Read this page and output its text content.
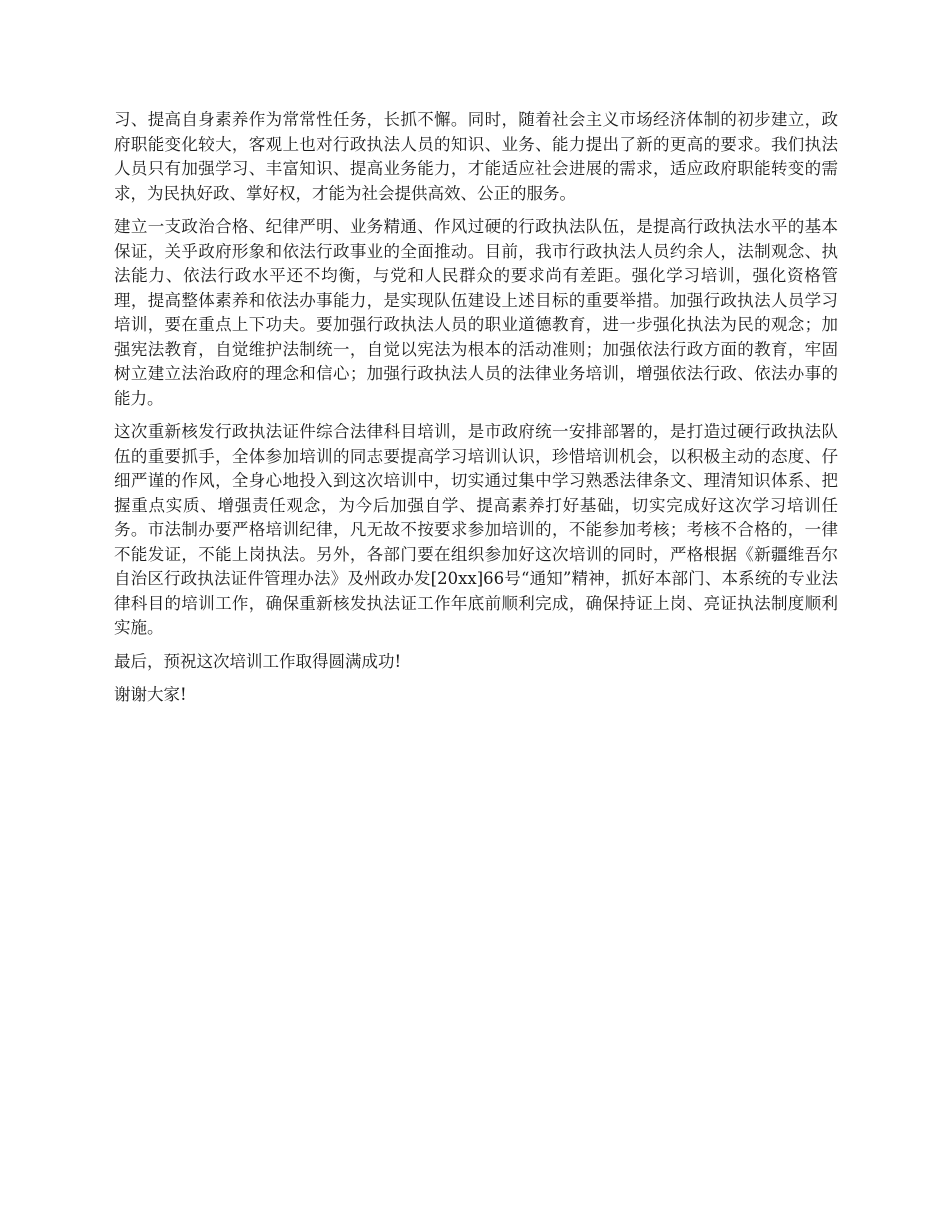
习、提高自身素养作为常常性任务，长抓不懈。同时，随着社会主义市场经济体制的初步建立，政府职能变化较大，客观上也对行政执法人员的知识、业务、能力提出了新的更高的要求。我们执法人员只有加强学习、丰富知识、提高业务能力，才能适应社会进展的需求，适应政府职能转变的需求，为民执好政、掌好权，才能为社会提供高效、公正的服务。

建立一支政治合格、纪律严明、业务精通、作风过硬的行政执法队伍，是提高行政执法水平的基本保证，关乎政府形象和依法行政事业的全面推动。目前，我市行政执法人员约余人，法制观念、执法能力、依法行政水平还不均衡，与党和人民群众的要求尚有差距。强化学习培训，强化资格管理，提高整体素养和依法办事能力，是实现队伍建设上述目标的重要举措。加强行政执法人员学习培训，要在重点上下功夫。要加强行政执法人员的职业道德教育，进一步强化执法为民的观念；加强宪法教育，自觉维护法制统一，自觉以宪法为根本的活动准则；加强依法行政方面的教育，牢固树立建立法治政府的理念和信心；加强行政执法人员的法律业务培训，增强依法行政、依法办事的能力。

这次重新核发行政执法证件综合法律科目培训，是市政府统一安排部署的，是打造过硬行政执法队伍的重要抓手，全体参加培训的同志要提高学习培训认识，珍惜培训机会，以积极主动的态度、仔细严谨的作风，全身心地投入到这次培训中，切实通过集中学习熟悉法律条文、理清知识体系、把握重点实质、增强责任观念，为今后加强自学、提高素养打好基础，切实完成好这次学习培训任务。市法制办要严格培训纪律，凡无故不按要求参加培训的，不能参加考核；考核不合格的，一律不能发证，不能上岗执法。另外，各部门要在组织参加好这次培训的同时，严格根据《新疆维吾尔自治区行政执法证件管理办法》及州政办发[20xx]66号“通知”精神，抓好本部门、本系统的专业法律科目的培训工作，确保重新核发执法证工作年底前顺利完成，确保持证上岗、亮证执法制度顺利实施。

最后，预祝这次培训工作取得圆满成功!

谢谢大家!
